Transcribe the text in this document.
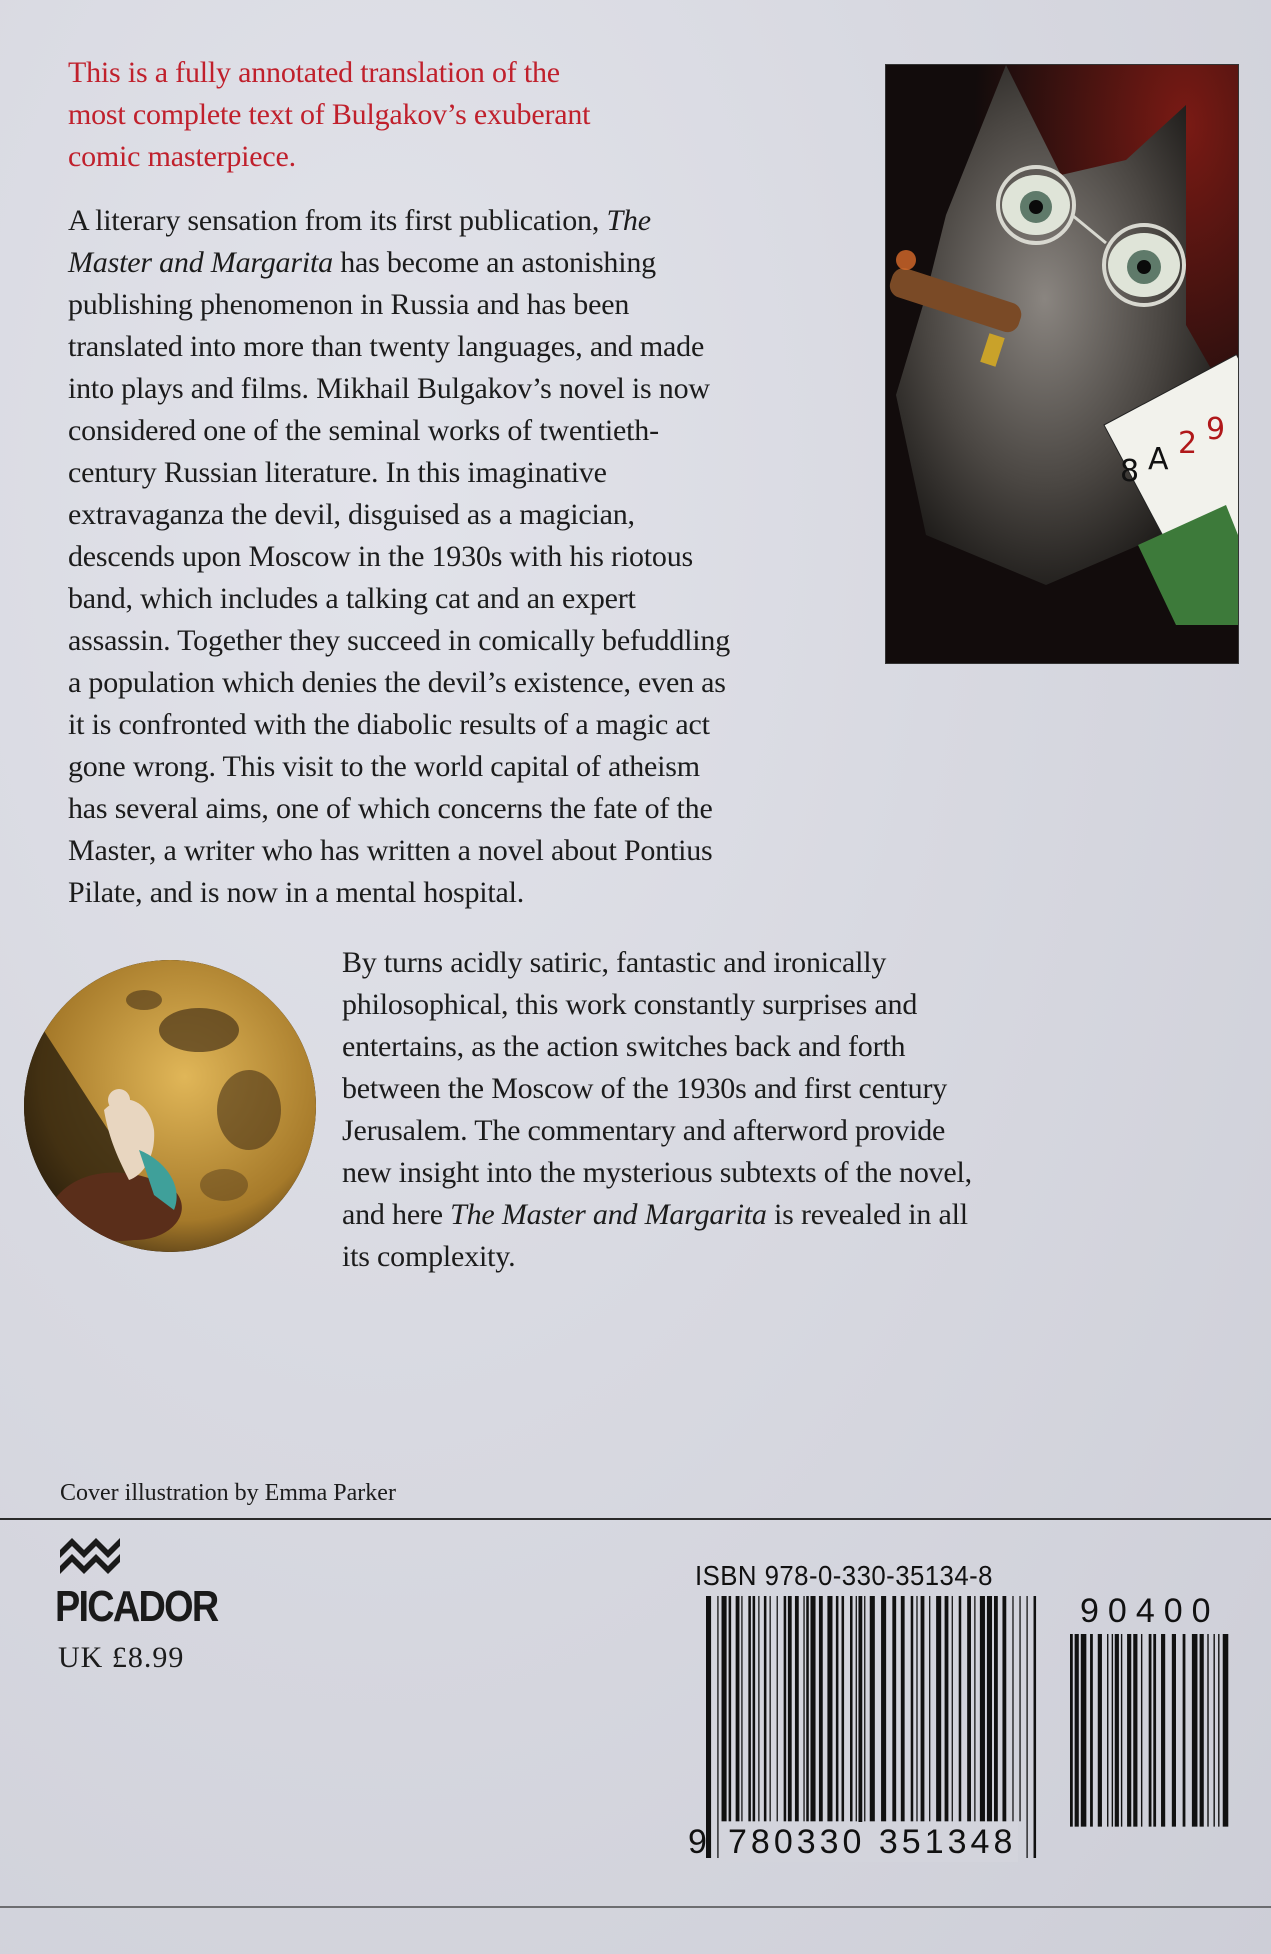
This is a fully annotated translation of the
most complete text of Bulgakov’s exuberant
comic masterpiece.

A literary sensation from its first publication, The
Master and Margarita has become an astonishing
publishing phenomenon in Russia and has been
translated into more than twenty languages, and made
into plays and films. Mikhail Bulgakov’s novel is now
considered one of the seminal works of twentieth-
century Russian literature. In this imaginative
extravaganza the devil, disguised as a magician,
descends upon Moscow in the 1930s with his riotous
band, which includes a talking cat and an expert
assassin. Together they succeed in comically befuddling
a population which denies the devil’s existence, even as
it is confronted with the diabolic results of a magic act
gone wrong. This visit to the world capital of atheism
has several aims, one of which concerns the fate of the
Master, a writer who has written a novel about Pontius
Pilate, and is now in a mental hospital.
8 A 2 9
By turns acidly satiric, fantastic and ironically
philosophical, this work constantly surprises and
entertains, as the action switches back and forth
between the Moscow of the 1930s and first century
Jerusalem. The commentary and afterword provide
new insight into the mysterious subtexts of the novel,
and here The Master and Margarita is revealed in all
its complexity.
Cover illustration by Emma Parker
PICADOR
UK £8.99
ISBN 978-0-330-35134-8
90400
9 780330 351348
